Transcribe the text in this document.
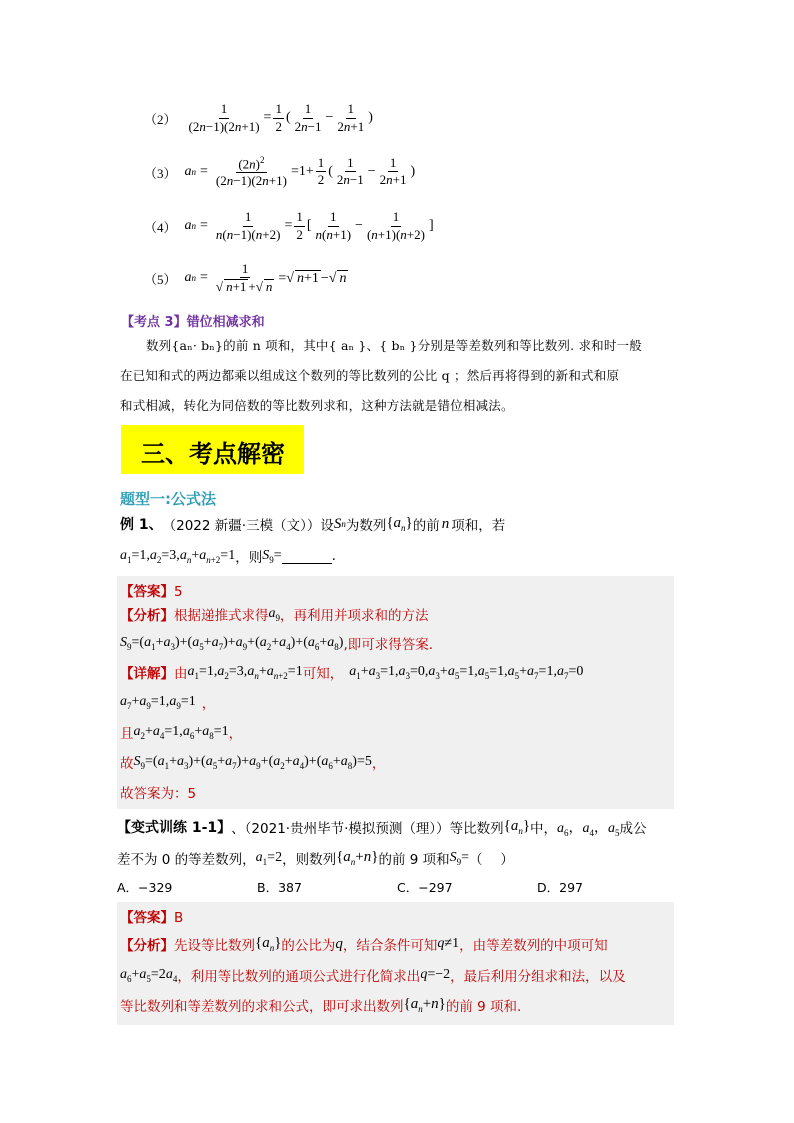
$(2) \frac{1}{(2n-1)(2n+1)} = \frac{1}{2}$ ( $\frac{1}{2n-1} - \frac{1}{2n+1}$ )
（3） a $n = \frac{(2n)^2}{(2n-1)(2n+1)} =1+ \frac{1}{2}$ ( $\frac{1}{2n-1} - \frac{1}{2n+1}$ )
（4） a $n = \frac{1}{n(n-1)(n+2)} = \frac{1}{2}$ [ $\frac{1}{n(n+1)} - \frac{1}{(n+1)(n+2)}$ ]
（5） a $n = \frac{1}{√ n+1 +√ n}$ =√ n+1 −√ n
【考点 3】错位相减求和
数列{aₙ· bₙ}的前 n 项和，其中{ aₙ }、{ bₙ }分别是等差数列和等比数列. 求和时一般
在已知和式的两边都乘以组成这个数列的等比数列的公比 q ；然后再将得到的新和式和原
和式相减，转化为同倍数的等比数列求和，这种方法就是错位相减法。
三、考点解密
题型一:公式法
例 1、 （2022 新疆·三模（文））设 S n 为数列 $\{a_n\}$ 的前 n 项和，若
$a_1=1,a_2=3,a_n+a_{n+2}=1$ ，则 $S_9=$	.
【答案】5
【分析】 根据递推式求得 $a_9$ ，再利用并项求和的方法
$S_9=(a_1+a_3)+(a_5+a_7)+a_9+(a_2+a_4)+(a_6+a_8)$ ,即可求得答案.
【详解】 由 $a_1=1,a_2=3,a_n+a_{n+2}=1$ 可知， $a_1+a_3=1,a_3=0,a_3+a_5=1,a_5=1,a_5+a_7=1,a_7=0$
$a_7+a_9=1,a_9=1$ ，
且 $a_2+a_4=1,a_6+a_8=1$ ，
故 $S_9=(a_1+a_3)+(a_5+a_7)+a_9+(a_2+a_4)+(a_6+a_8)=5$ ，
故答案为：5
【变式训练 1-1】 、（2021·贵州毕节·模拟预测（理））等比数列 $\{a_n\}$ 中， $a_6$，$a_4$，$a_5$ 成公
差不为 0 的等差数列， $a_1=2$ ，则数列 $\{a_n+n\}$ 的前 9 项和 $S_9=$ （　 ）
A．−329	B．387	C．−297	D．297
【答案】B
【分析】 先设等比数列 $\{a_n\}$ 的公比为 q ，结合条件可知 q≠1 ，由等差数列的中项可知
$a_6+a_5=2a_4$ ，利用等比数列的通项公式进行化简求出 q=−2 ，最后利用分组求和法，以及
等比数列和等差数列的求和公式，即可求出数列 $\{a_n+n\}$ 的前 9 项和.
